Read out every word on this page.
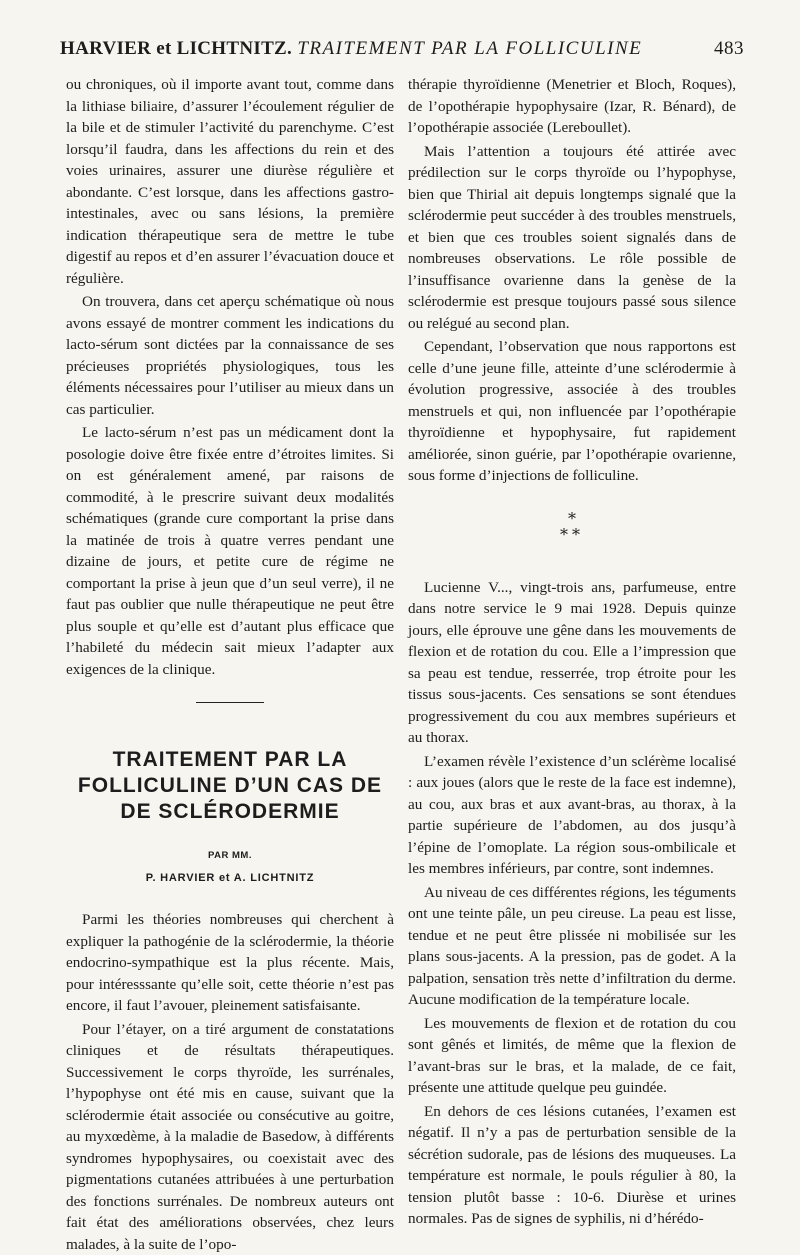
HARVIER et LICHTNITZ. TRAITEMENT PAR LA FOLLICULINE	483

ou chroniques, où il importe avant tout, comme dans la lithiase biliaire, d’assurer l’écoulement régulier de la bile et de stimuler l’activité du parenchyme. C’est lorsqu’il faudra, dans les affections du rein et des voies urinaires, assurer une diurèse régulière et abondante. C’est lorsque, dans les affections gastro-intestinales, avec ou sans lésions, la première indication thérapeutique sera de mettre le tube digestif au repos et d’en assurer l’évacuation douce et régulière.

On trouvera, dans cet aperçu schématique où nous avons essayé de montrer comment les indications du lacto-sérum sont dictées par la connaissance de ses précieuses propriétés physiologiques, tous les éléments nécessaires pour l’utiliser au mieux dans un cas particulier.

Le lacto-sérum n’est pas un médicament dont la posologie doive être fixée entre d’étroites limites. Si on est généralement amené, par raisons de commodité, à le prescrire suivant deux modalités schématiques (grande cure comportant la prise dans la matinée de trois à quatre verres pendant une dizaine de jours, et petite cure de régime ne comportant la prise à jeun que d’un seul verre), il ne faut pas oublier que nulle thérapeutique ne peut être plus souple et qu’elle est d’autant plus efficace que l’habileté du médecin sait mieux l’adapter aux exigences de la clinique.

TRAITEMENT PAR LA FOLLICULINE D’UN CAS DE DE SCLÉRODERMIE
PAR MM.
P. HARVIER et A. LICHTNITZ

Parmi les théories nombreuses qui cherchent à expliquer la pathogénie de la sclérodermie, la théorie endocrino-sympathique est la plus récente. Mais, pour intéresssante qu’elle soit, cette théorie n’est pas encore, il faut l’avouer, pleinement satisfaisante.

Pour l’étayer, on a tiré argument de constatations cliniques et de résultats thérapeutiques. Successivement le corps thyroïde, les surrénales, l’hypophyse ont été mis en cause, suivant que la sclérodermie était associée ou consécutive au goitre, au myxœdème, à la maladie de Basedow, à différents syndromes hypophysaires, ou coexistait avec des pigmentations cutanées attribuées à une perturbation des fonctions surrénales. De nombreux auteurs ont fait état des améliorations observées, chez leurs malades, à la suite de l’opo-

thérapie thyroïdienne (Menetrier et Bloch, Roques), de l’opothérapie hypophysaire (Izar, R. Bénard), de l’opothérapie associée (Lereboullet).

Mais l’attention a toujours été attirée avec prédilection sur le corps thyroïde ou l’hypophyse, bien que Thirial ait depuis longtemps signalé que la sclérodermie peut succéder à des troubles menstruels, et bien que ces troubles soient signalés dans de nombreuses observations. Le rôle possible de l’insuffisance ovarienne dans la genèse de la sclérodermie est presque toujours passé sous silence ou relégué au second plan.

Cependant, l’observation que nous rapportons est celle d’une jeune fille, atteinte d’une sclérodermie à évolution progressive, associée à des troubles menstruels et qui, non influencée par l’opothérapie thyroïdienne et hypophysaire, fut rapidement améliorée, sinon guérie, par l’opothérapie ovarienne, sous forme d’injections de folliculine.

*
**

Lucienne V..., vingt-trois ans, parfumeuse, entre dans notre service le 9 mai 1928. Depuis quinze jours, elle éprouve une gêne dans les mouvements de flexion et de rotation du cou. Elle a l’impression que sa peau est tendue, resserrée, trop étroite pour les tissus sous-jacents. Ces sensations se sont étendues progressivement du cou aux membres supérieurs et au thorax.

L’examen révèle l’existence d’un sclérème localisé : aux joues (alors que le reste de la face est indemne), au cou, aux bras et aux avant-bras, au thorax, à la partie supérieure de l’abdomen, au dos jusqu’à l’épine de l’omoplate. La région sous-ombilicale et les membres inférieurs, par contre, sont indemnes.

Au niveau de ces différentes régions, les téguments ont une teinte pâle, un peu cireuse. La peau est lisse, tendue et ne peut être plissée ni mobilisée sur les plans sous-jacents. A la pression, pas de godet. A la palpation, sensation très nette d’infiltration du derme. Aucune modification de la température locale.

Les mouvements de flexion et de rotation du cou sont gênés et limités, de même que la flexion de l’avant-bras sur le bras, et la malade, de ce fait, présente une attitude quelque peu guindée.

En dehors de ces lésions cutanées, l’examen est négatif. Il n’y a pas de perturbation sensible de la sécrétion sudorale, pas de lésions des muqueuses. La température est normale, le pouls régulier à 80, la tension plutôt basse : 10-6. Diurèse et urines normales. Pas de signes de syphilis, ni d’hérédo-
